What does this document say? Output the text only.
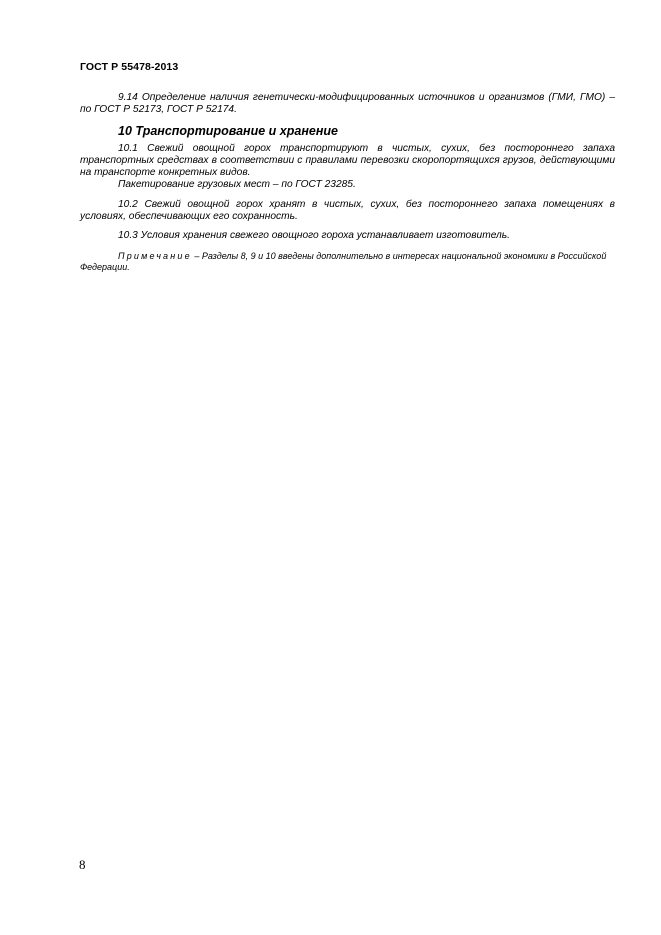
ГОСТ Р 55478-2013

9.14 Определение наличия генетически-модифицированных источников и организмов (ГМИ, ГМО) – по ГОСТ Р 52173, ГОСТ Р 52174.

10 Транспортирование и хранение

10.1 Свежий овощной горох транспортируют в чистых, сухих, без постороннего запаха транспортных средствах в соответствии с правилами перевозки скоропортящихся грузов, действующими на транспорте конкретных видов.

Пакетирование грузовых мест – по ГОСТ 23285.

10.2 Свежий овощной горох хранят в чистых, сухих, без постороннего запаха помещениях в условиях, обеспечивающих его сохранность.

10.3 Условия хранения свежего овощного гороха устанавливает изготовитель.

Примечание – Разделы 8, 9 и 10 введены дополнительно в интересах национальной экономики в Российской Федерации.

8
